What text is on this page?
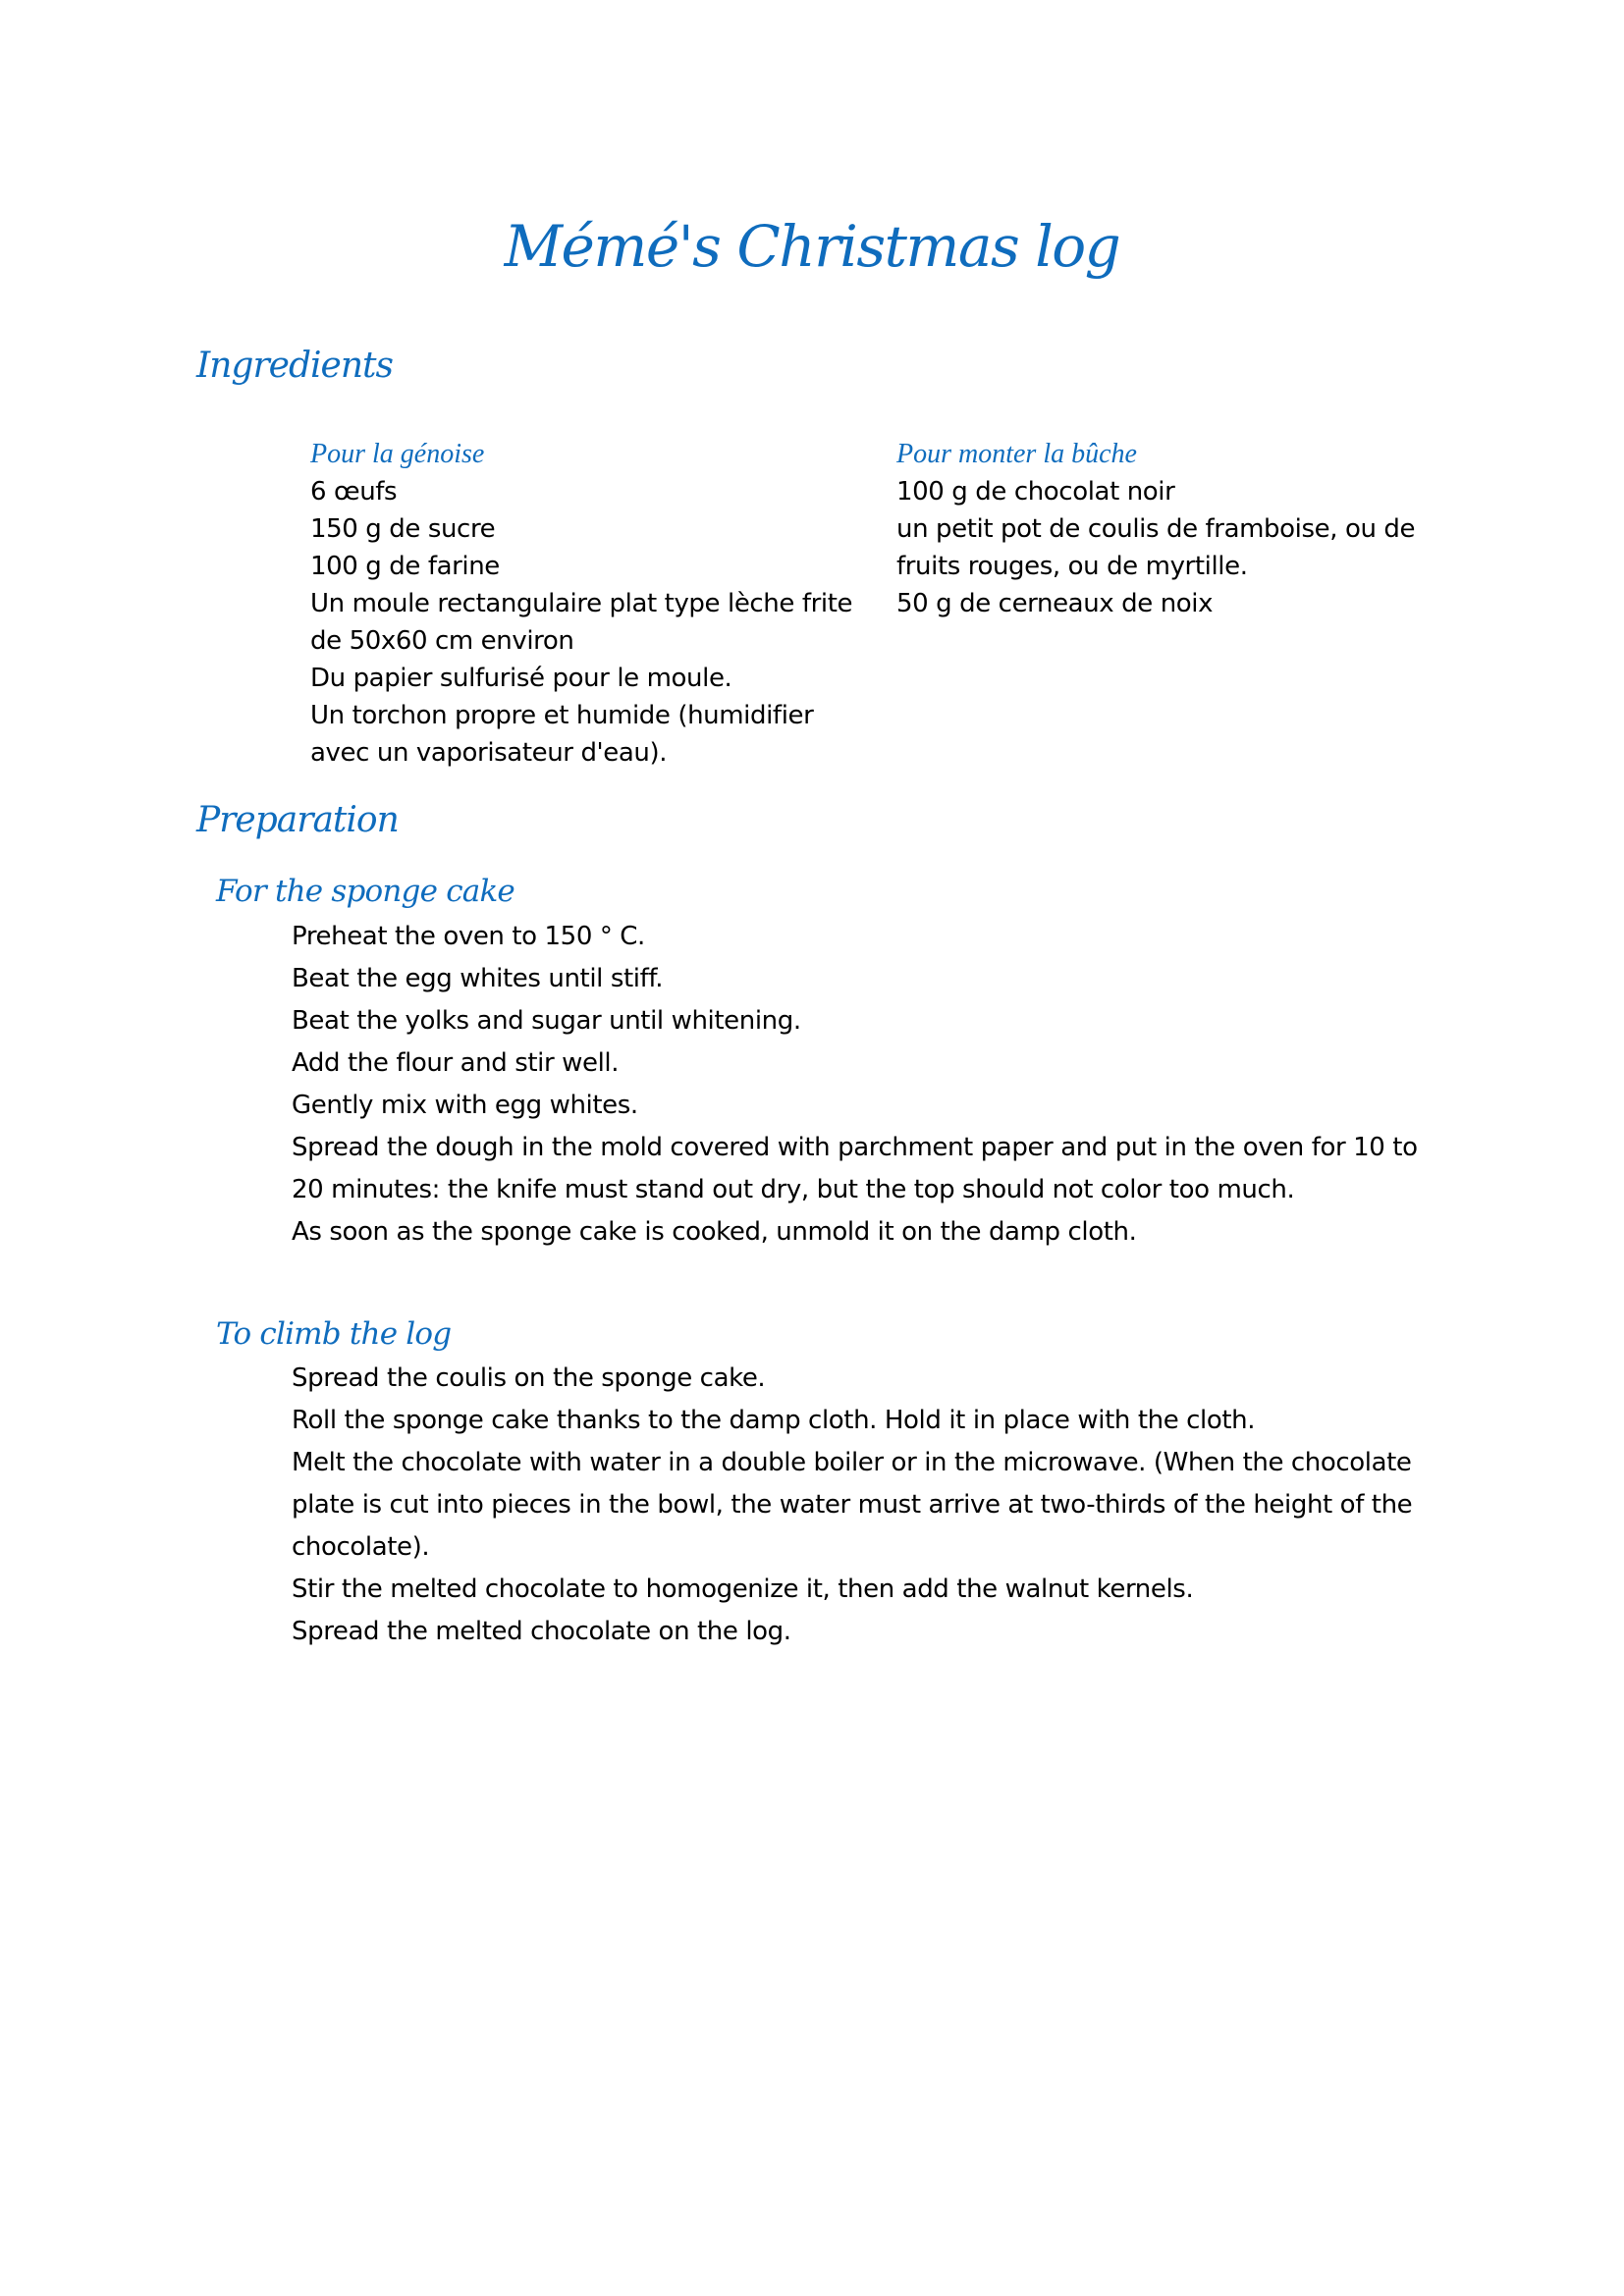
Mémé's Christmas log
Ingredients
Pour la génoise
6 œufs
150 g de sucre
100 g de farine
Un moule rectangulaire plat type lèche frite de 50x60 cm environ
Du papier sulfurisé pour le moule.
Un torchon propre et humide (humidifier avec un vaporisateur d'eau).
Pour monter la bûche
100 g de chocolat noir
un petit pot de coulis de framboise, ou de fruits rouges, ou de myrtille.
50 g de cerneaux de noix
Preparation
For the sponge cake
Preheat the oven to 150 ° C.
Beat the egg whites until stiff.
Beat the yolks and sugar until whitening.
Add the flour and stir well.
Gently mix with egg whites.
Spread the dough in the mold covered with parchment paper and put in the oven for 10 to 20 minutes: the knife must stand out dry, but the top should not color too much.
As soon as the sponge cake is cooked, unmold it on the damp cloth.
To climb the log
Spread the coulis on the sponge cake.
Roll the sponge cake thanks to the damp cloth. Hold it in place with the cloth.
Melt the chocolate with water in a double boiler or in the microwave. (When the chocolate plate is cut into pieces in the bowl, the water must arrive at two-thirds of the height of the chocolate).
Stir the melted chocolate to homogenize it, then add the walnut kernels.
Spread the melted chocolate on the log.
